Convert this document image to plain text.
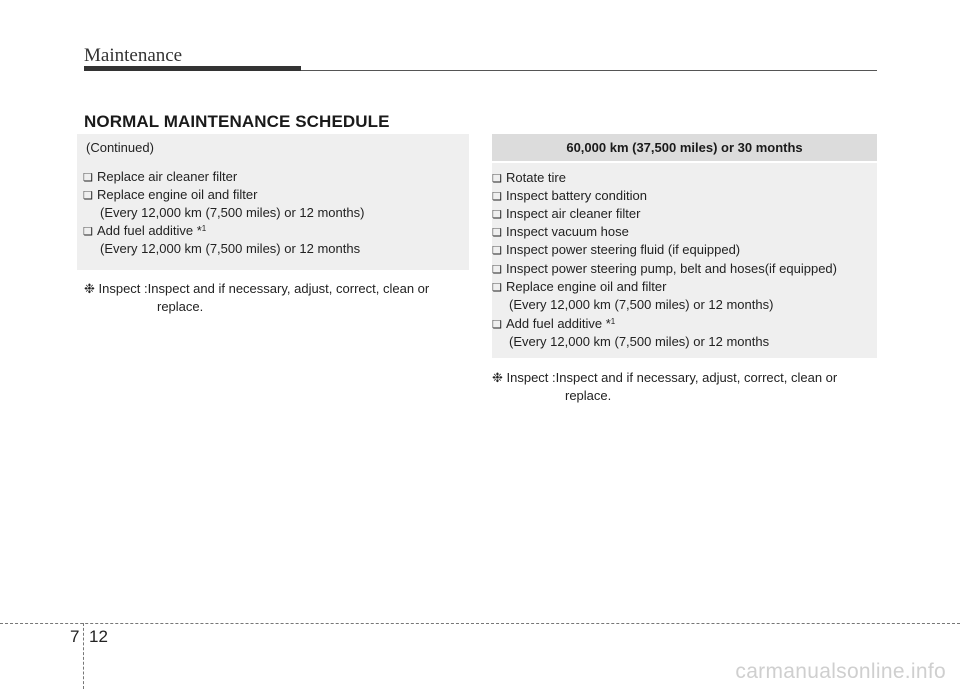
Maintenance
NORMAL MAINTENANCE SCHEDULE
(Continued)
❏ Replace air cleaner filter
❏ Replace engine oil and filter
(Every 12,000 km (7,500 miles) or 12 months)
❏ Add fuel additive *$^1$
(Every 12,000 km (7,500 miles) or 12 months
❉ Inspect : Inspect and if necessary, adjust, correct, clean or
replace.
60,000 km (37,500 miles) or 30 months
❏ Rotate tire
❏ Inspect battery condition
❏ Inspect air cleaner filter
❏ Inspect vacuum hose
❏ Inspect power steering fluid (if equipped)
❏ Inspect power steering pump, belt and hoses(if equipped)
❏ Replace engine oil and filter
(Every 12,000 km (7,500 miles) or 12 months)
❏ Add fuel additive *$^1$
(Every 12,000 km (7,500 miles) or 12 months
❉ Inspect : Inspect and if necessary, adjust, correct, clean or
replace.
7 12
carmanualsonline.info
